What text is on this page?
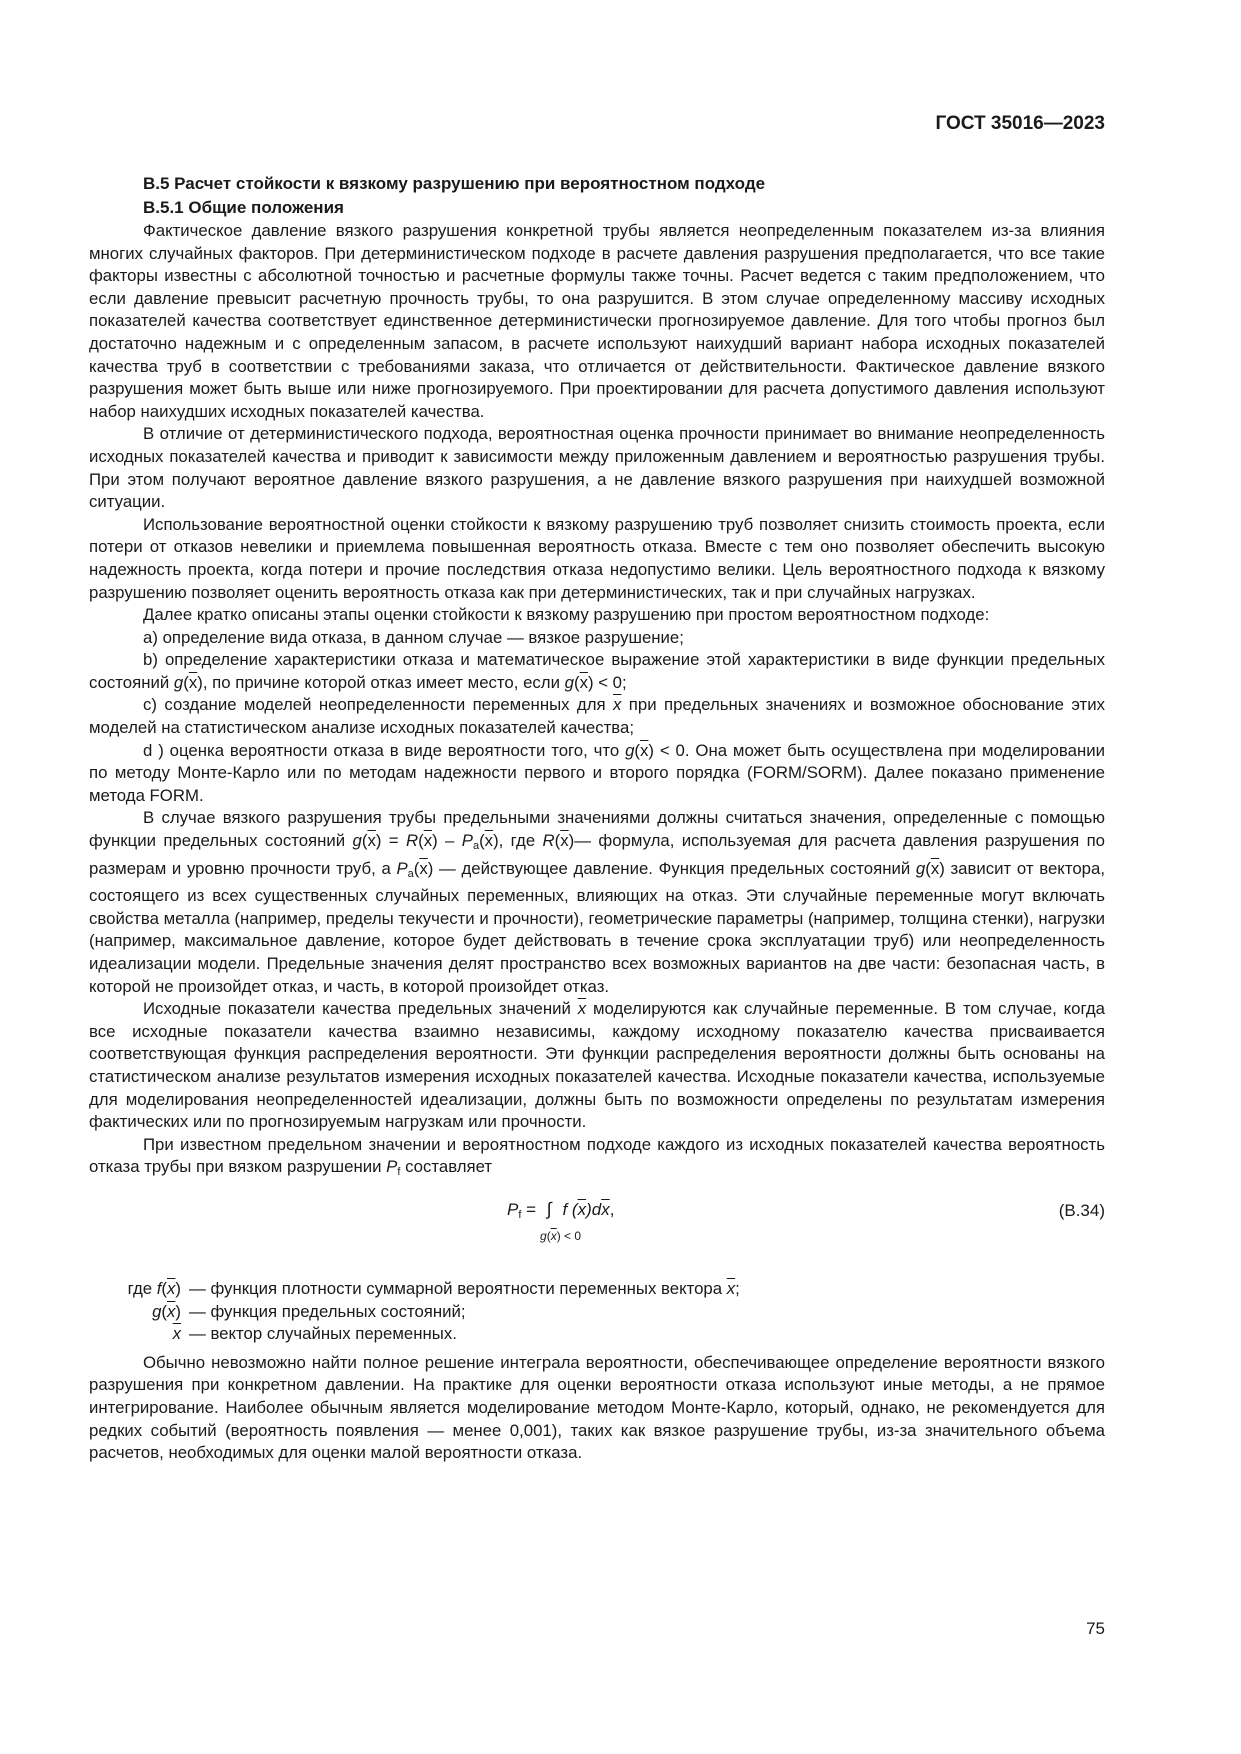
ГОСТ 35016—2023

В.5 Расчет стойкости к вязкому разрушению при вероятностном подходе

В.5.1 Общие положения

Фактическое давление вязкого разрушения конкретной трубы является неопределенным показателем из-за влияния многих случайных факторов. При детерминистическом подходе в расчете давления разрушения предполагается, что все такие факторы известны с абсолютной точностью и расчетные формулы также точны. Расчет ведется с таким предположением, что если давление превысит расчетную прочность трубы, то она разрушится. В этом случае определенному массиву исходных показателей качества соответствует единственное детерминистически прогнозируемое давление. Для того чтобы прогноз был достаточно надежным и с определенным запасом, в расчете используют наихудший вариант набора исходных показателей качества труб в соответствии с требованиями заказа, что отличается от действительности. Фактическое давление вязкого разрушения может быть выше или ниже прогнозируемого. При проектировании для расчета допустимого давления используют набор наихудших исходных показателей качества.

В отличие от детерминистического подхода, вероятностная оценка прочности принимает во внимание неопределенность исходных показателей качества и приводит к зависимости между приложенным давлением и вероятностью разрушения трубы. При этом получают вероятное давление вязкого разрушения, а не давление вязкого разрушения при наихудшей возможной ситуации.

Использование вероятностной оценки стойкости к вязкому разрушению труб позволяет снизить стоимость проекта, если потери от отказов невелики и приемлема повышенная вероятность отказа. Вместе с тем оно позволяет обеспечить высокую надежность проекта, когда потери и прочие последствия отказа недопустимо велики. Цель вероятностного подхода к вязкому разрушению позволяет оценить вероятность отказа как при детерминистических, так и при случайных нагрузках.

Далее кратко описаны этапы оценки стойкости к вязкому разрушению при простом вероятностном подходе:

а) определение вида отказа, в данном случае — вязкое разрушение;

b) определение характеристики отказа и математическое выражение этой характеристики в виде функции предельных состояний $g(\overline{x})$, по причине которой отказ имеет место, если $g(\overline{x}) < 0$;

c) создание моделей неопределенности переменных для $\overline{x}$ при предельных значениях и возможное обоснование этих моделей на статистическом анализе исходных показателей качества;

d ) оценка вероятности отказа в виде вероятности того, что $g(\overline{x}) < 0$. Она может быть осуществлена при моделировании по методу Монте-Карло или по методам надежности первого и второго порядка (FORM/SORM). Далее показано применение метода FORM.

В случае вязкого разрушения трубы предельными значениями должны считаться значения, определенные с помощью функции предельных состояний $g(\overline{x}) = R(\overline{x}) - P_a(\overline{x})$, где $R(\overline{x})—$ формула, используемая для расчета давления разрушения по размерам и уровню прочности труб, а $P_a(\overline{x})$ — действующее давление. Функция предельных состояний $g(\overline{x})$ зависит от вектора, состоящего из всех существенных случайных переменных, влияющих на отказ. Эти случайные переменные могут включать свойства металла (например, пределы текучести и прочности), геометрические параметры (например, толщина стенки), нагрузки (например, максимальное давление, которое будет действовать в течение срока эксплуатации труб) или неопределенность идеализации модели. Предельные значения делят пространство всех возможных вариантов на две части: безопасная часть, в которой не произойдет отказ, и часть, в которой произойдет отказ.

Исходные показатели качества предельных значений $\overline{x}$ моделируются как случайные переменные. В том случае, когда все исходные показатели качества взаимно независимы, каждому исходному показателю качества присваивается соответствующая функция распределения вероятности. Эти функции распределения вероятности должны быть основаны на статистическом анализе результатов измерения исходных показателей качества. Исходные показатели качества, используемые для моделирования неопределенностей идеализации, должны быть по возможности определены по результатам измерения фактических или по прогнозируемым нагрузкам или прочности.

При известном предельном значении и вероятностном подходе каждого из исходных показателей качества вероятность отказа трубы при вязком разрушении $P_f$ составляет

$P_f$ = ∫ f $(\overline{x})d\overline{x}$,
$g(\overline{x}) < 0$
(В.34)
где $f(\overline{x})$ — функция плотности суммарной вероятности переменных вектора $\overline{x}$;
$g(\overline{x})$ — функция предельных состояний;
$\overline{x}$ — вектор случайных переменных.

Обычно невозможно найти полное решение интеграла вероятности, обеспечивающее определение вероятности вязкого разрушения при конкретном давлении. На практике для оценки вероятности отказа используют иные методы, а не прямое интегрирование. Наиболее обычным является моделирование методом Монте-Карло, который, однако, не рекомендуется для редких событий (вероятность появления — менее 0,001), таких как вязкое разрушение трубы, из-за значительного объема расчетов, необходимых для оценки малой вероятности отказа.

75
